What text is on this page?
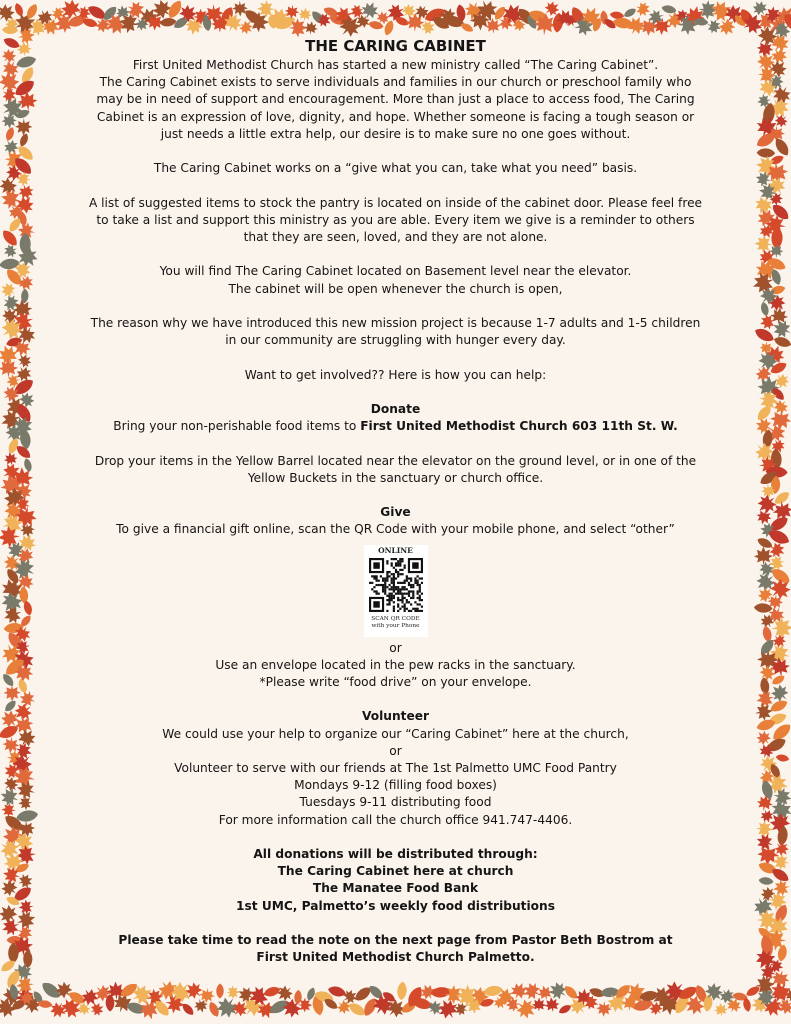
THE CARING CABINET

First United Methodist Church has started a new ministry called “The Caring Cabinet”.

The Caring Cabinet exists to serve individuals and families in our church or preschool family who

may be in need of support and encouragement. More than just a place to access food, The Caring

Cabinet is an expression of love, dignity, and hope. Whether someone is facing a tough season or

just needs a little extra help, our desire is to make sure no one goes without.

The Caring Cabinet works on a “give what you can, take what you need” basis.

A list of suggested items to stock the pantry is located on inside of the cabinet door. Please feel free

to take a list and support this ministry as you are able. Every item we give is a reminder to others

that they are seen, loved, and they are not alone.

You will find The Caring Cabinet located on Basement level near the elevator.

The cabinet will be open whenever the church is open,

The reason why we have introduced this new mission project is because 1-7 adults and 1-5 children

in our community are struggling with hunger every day.

Want to get involved?? Here is how you can help:

Donate

Bring your non-perishable food items to First United Methodist Church 603 11th St. W.

Drop your items in the Yellow Barrel located near the elevator on the ground level, or in one of the

Yellow Buckets in the sanctuary or church office.

Give

To give a financial gift online, scan the QR Code with your mobile phone, and select “other”

ONLINE
SCAN QR CODE
with your Phone

or

Use an envelope located in the pew racks in the sanctuary.

*Please write “food drive” on your envelope.

Volunteer

We could use your help to organize our “Caring Cabinet” here at the church,

or

Volunteer to serve with our friends at The 1st Palmetto UMC Food Pantry

Mondays 9-12 (filling food boxes)

Tuesdays 9-11 distributing food

For more information call the church office 941.747-4406.

All donations will be distributed through:

The Caring Cabinet here at church

The Manatee Food Bank

1st UMC, Palmetto’s weekly food distributions

Please take time to read the note on the next page from Pastor Beth Bostrom at

First United Methodist Church Palmetto.
